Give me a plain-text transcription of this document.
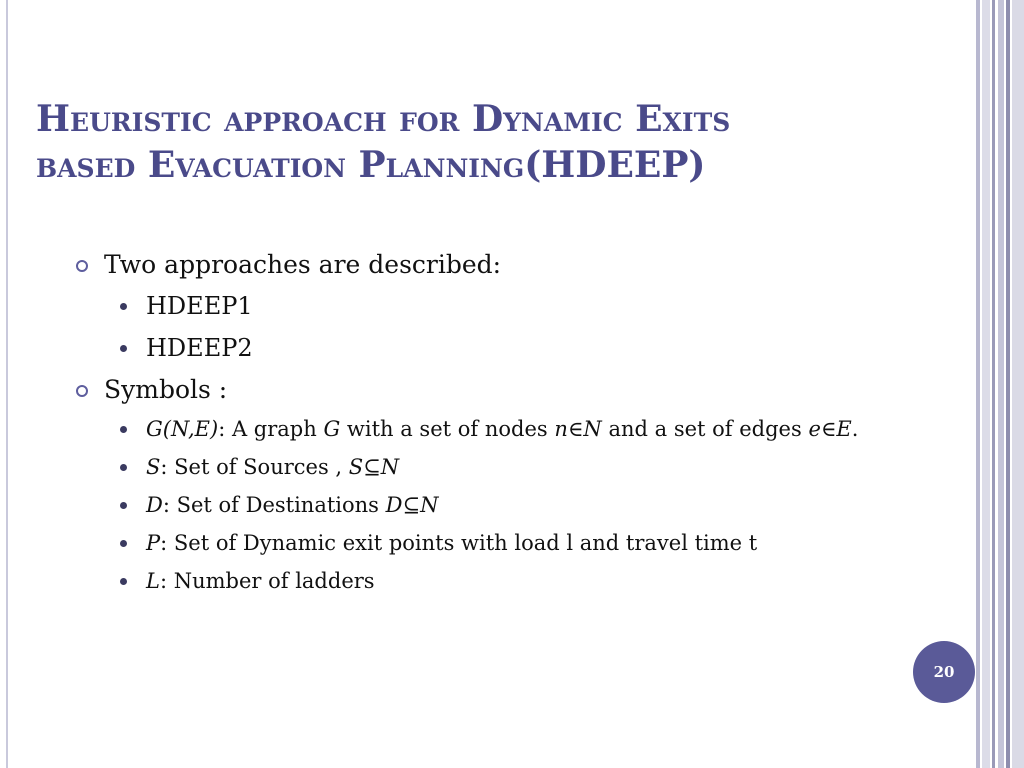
Heuristic approach for Dynamic Exits
based Evacuation Planning(HDEEP)
Two approaches are described:
HDEEP1
HDEEP2
Symbols :
G(N,E): A graph G with a set of nodes n∈N and a set of edges e∈E.
S: Set of Sources , S⊆N
D: Set of Destinations D⊆N
P: Set of Dynamic exit points with load l and travel time t
L: Number of ladders
20
